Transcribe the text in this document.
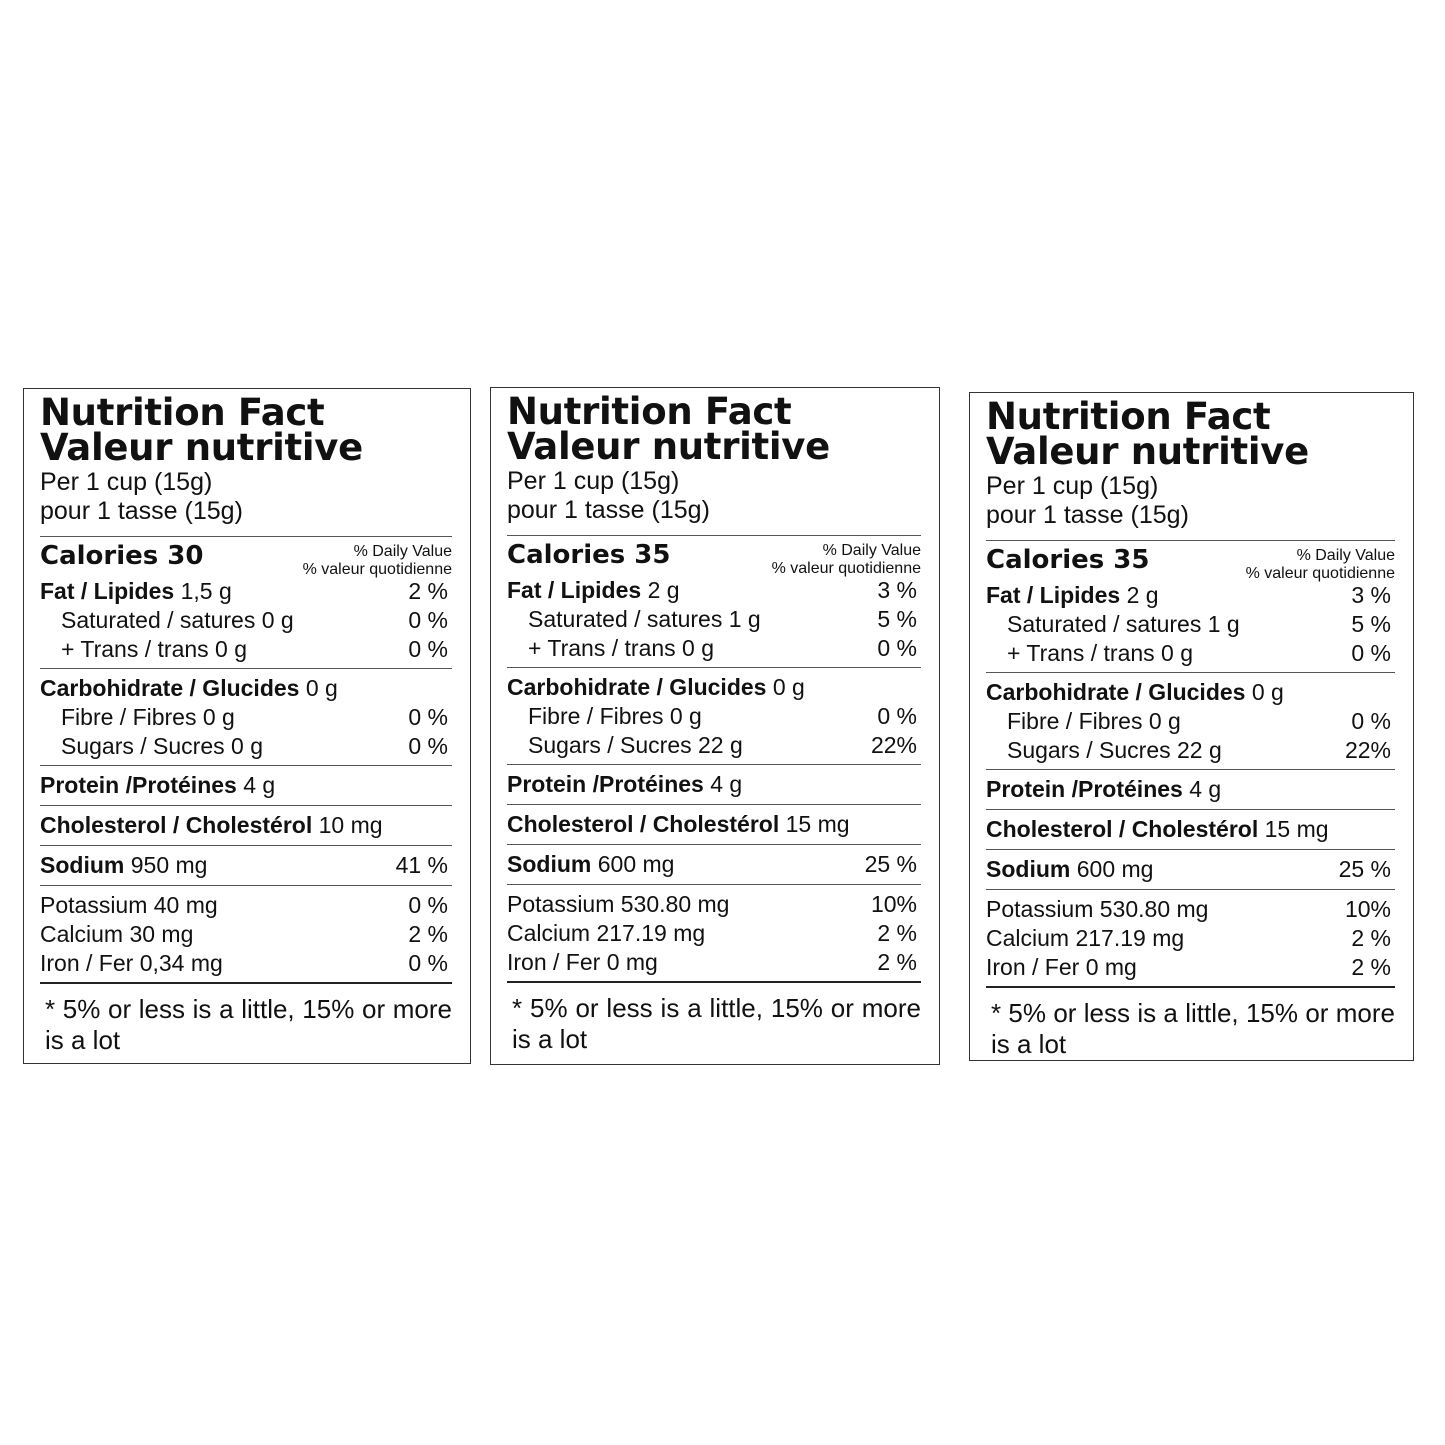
Nutrition Fact
Valeur nutritive
Per 1 cup (15g)
pour 1 tasse (15g)
Calories 30	% Daily Value
% valeur quotidienne
Fat / Lipides 1,5 g	2 %
Saturated / satures 0 g	0 %
+ Trans / trans 0 g	0 %
Carbohidrate / Glucides 0 g
Fibre / Fibres 0 g	0 %
Sugars / Sucres 0 g	0 %
Protein /Protéines 4 g
Cholesterol / Cholestérol 10 mg
Sodium 950 mg	41 %
Potassium 40 mg	0 %
Calcium 30 mg	2 %
Iron / Fer 0,34 mg	0 %
* 5% or less is a little, 15% or more is a lot
Nutrition Fact
Valeur nutritive
Per 1 cup (15g)
pour 1 tasse (15g)
Calories 35	% Daily Value
% valeur quotidienne
Fat / Lipides 2 g	3 %
Saturated / satures 1 g	5 %
+ Trans / trans 0 g	0 %
Carbohidrate / Glucides 0 g
Fibre / Fibres 0 g	0 %
Sugars / Sucres 22 g	22%
Protein /Protéines 4 g
Cholesterol / Cholestérol 15 mg
Sodium 600 mg	25 %
Potassium 530.80 mg	10%
Calcium 217.19 mg	2 %
Iron / Fer 0 mg	2 %
* 5% or less is a little, 15% or more is a lot
Nutrition Fact
Valeur nutritive
Per 1 cup (15g)
pour 1 tasse (15g)
Calories 35	% Daily Value
% valeur quotidienne
Fat / Lipides 2 g	3 %
Saturated / satures 1 g	5 %
+ Trans / trans 0 g	0 %
Carbohidrate / Glucides 0 g
Fibre / Fibres 0 g	0 %
Sugars / Sucres 22 g	22%
Protein /Protéines 4 g
Cholesterol / Cholestérol 15 mg
Sodium 600 mg	25 %
Potassium 530.80 mg	10%
Calcium 217.19 mg	2 %
Iron / Fer 0 mg	2 %
* 5% or less is a little, 15% or more is a lot
